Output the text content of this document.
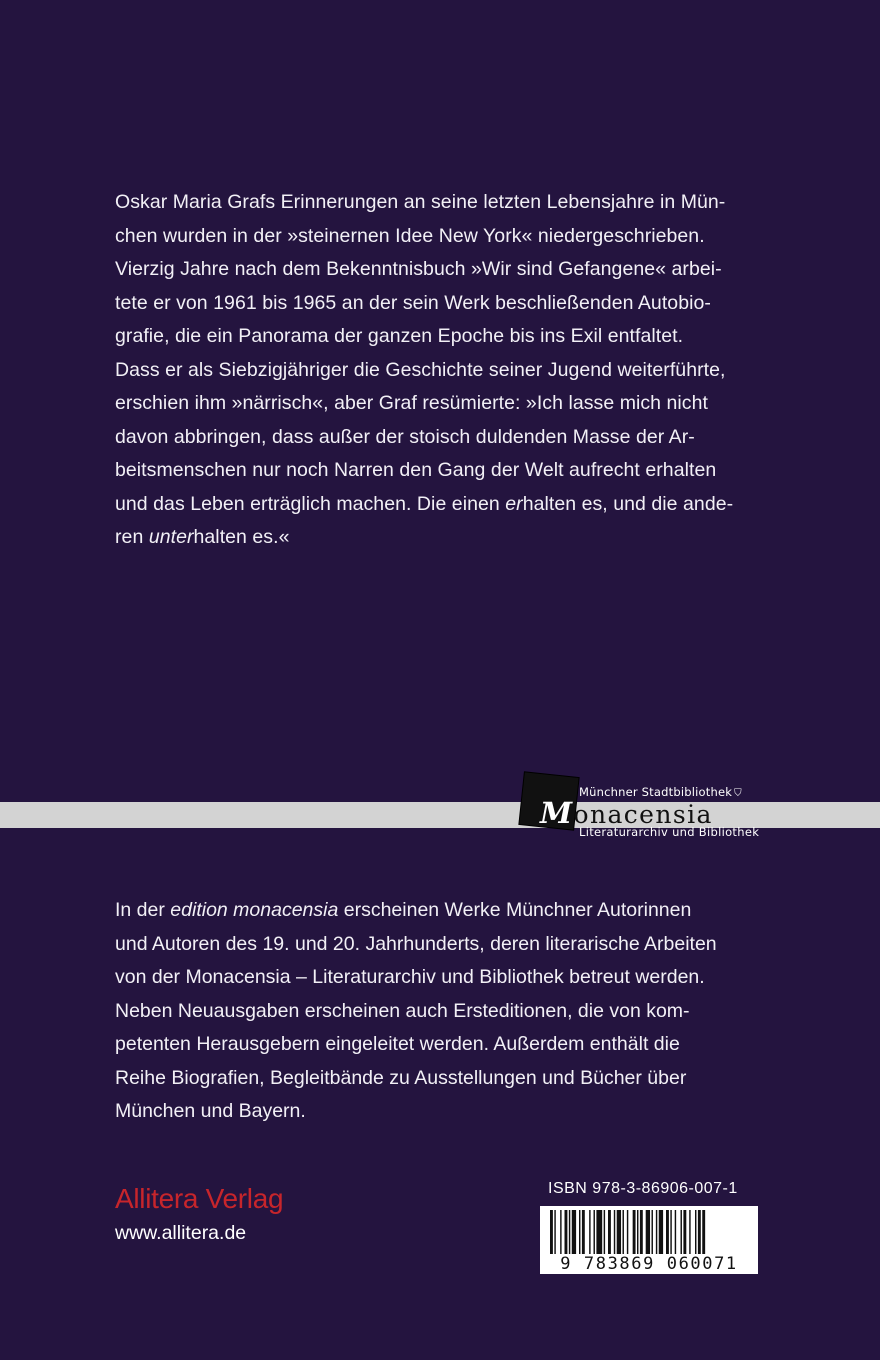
Oskar Maria Grafs Erinnerungen an seine letzten Lebensjahre in Mün-

chen wurden in der »steinernen Idee New York« niedergeschrieben.

Vierzig Jahre nach dem Bekenntnisbuch »Wir sind Gefangene« arbei-

tete er von 1961 bis 1965 an der sein Werk beschließenden Autobio-

grafie, die ein Panorama der ganzen Epoche bis ins Exil entfaltet.

Dass er als Siebzigjähriger die Geschichte seiner Jugend weiterführte,

erschien ihm »närrisch«, aber Graf resümierte: »Ich lasse mich nicht

davon abbringen, dass außer der stoisch duldenden Masse der Ar-

beitsmenschen nur noch Narren den Gang der Welt aufrecht erhalten

und das Leben erträglich machen. Die einen erhalten es, und die ande-

ren unterhalten es.«

Münchner Stadtbibliothek ⛉
Monacensia
Literaturarchiv und Bibliothek

In der edition monacensia erscheinen Werke Münchner Autorinnen

und Autoren des 19. und 20. Jahrhunderts, deren literarische Arbeiten

von der Monacensia – Literaturarchiv und Bibliothek betreut werden.

Neben Neuausgaben erscheinen auch Ersteditionen, die von kom-

petenten Herausgebern eingeleitet werden. Außerdem enthält die

Reihe Biografien, Begleitbände zu Ausstellungen und Bücher über

München und Bayern.

Allitera Verlag
www.allitera.de
ISBN 978-3-86906-007-1
9 783869 060071
